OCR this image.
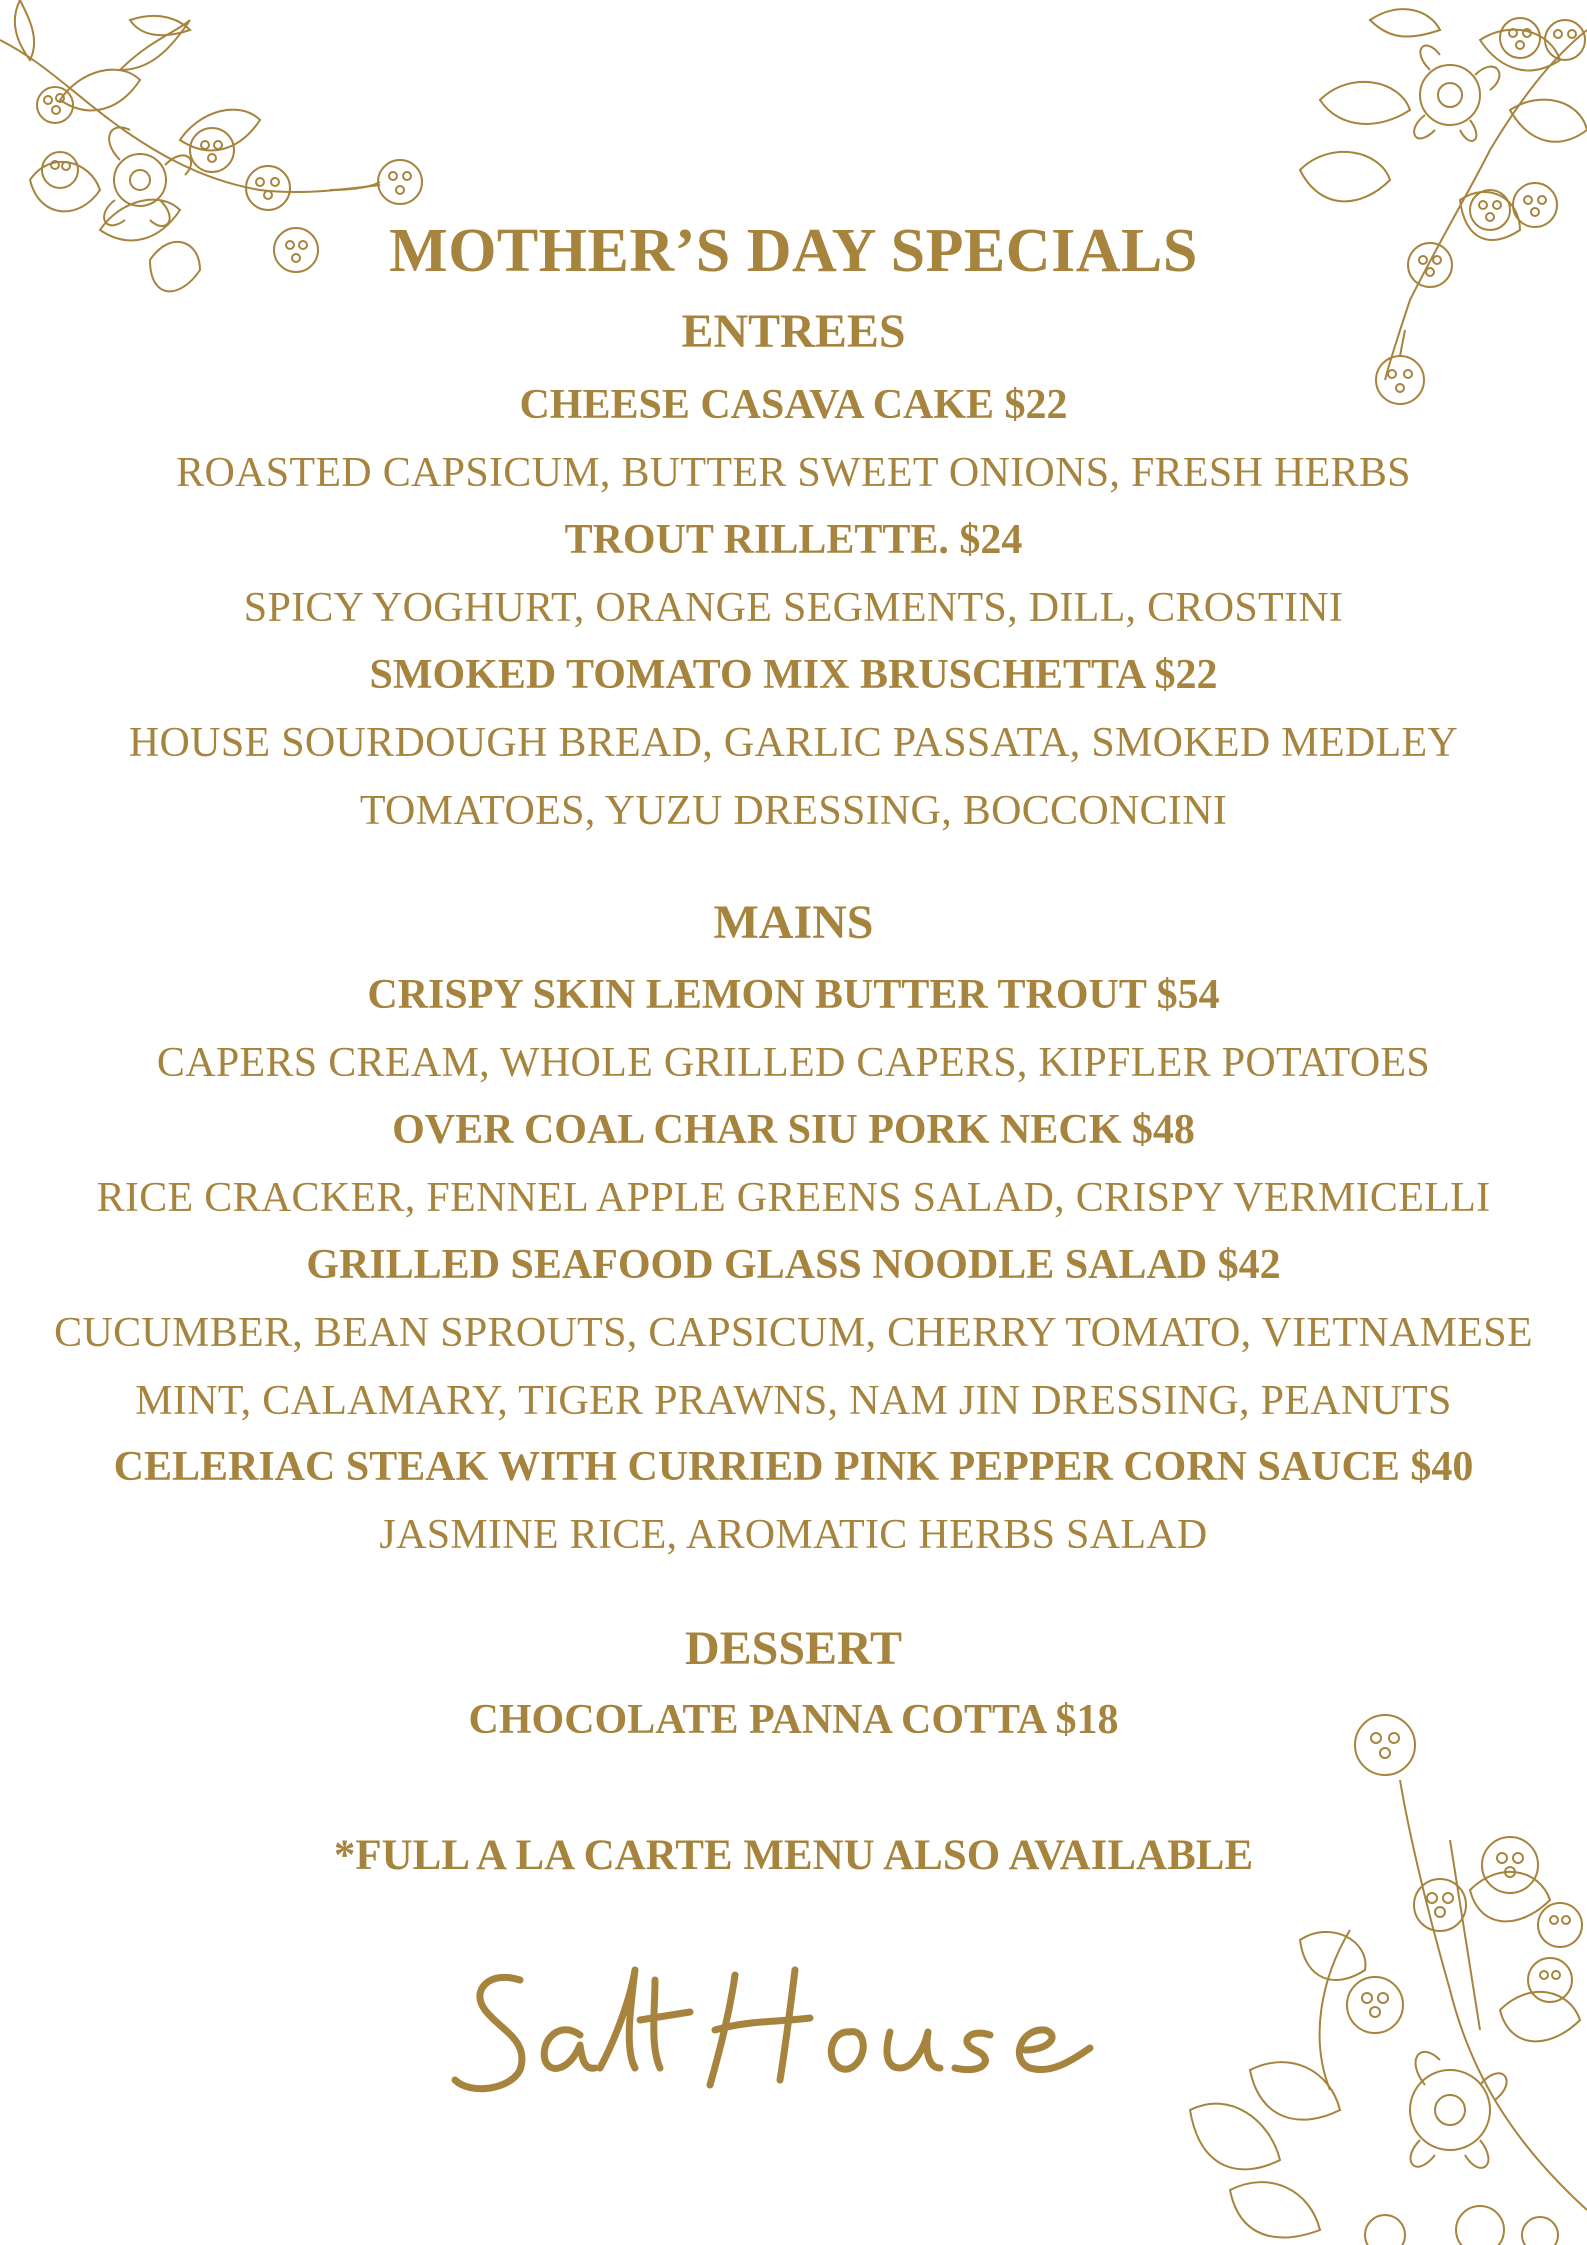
MOTHER’S DAY SPECIALS
ENTREES
CHEESE CASAVA CAKE $22
ROASTED CAPSICUM, BUTTER SWEET ONIONS, FRESH HERBS
TROUT RILLETTE. $24
SPICY YOGHURT, ORANGE SEGMENTS, DILL, CROSTINI
SMOKED TOMATO MIX BRUSCHETTA $22
HOUSE SOURDOUGH BREAD, GARLIC PASSATA, SMOKED MEDLEY
TOMATOES, YUZU DRESSING, BOCCONCINI
MAINS
CRISPY SKIN LEMON BUTTER TROUT $54
CAPERS CREAM, WHOLE GRILLED CAPERS, KIPFLER POTATOES
OVER COAL CHAR SIU PORK NECK $48
RICE CRACKER, FENNEL APPLE GREENS SALAD, CRISPY VERMICELLI
GRILLED SEAFOOD GLASS NOODLE SALAD $42
CUCUMBER, BEAN SPROUTS, CAPSICUM, CHERRY TOMATO, VIETNAMESE
MINT, CALAMARY, TIGER PRAWNS, NAM JIN DRESSING, PEANUTS
CELERIAC STEAK WITH CURRIED PINK PEPPER CORN SAUCE $40
JASMINE RICE, AROMATIC HERBS SALAD
DESSERT
CHOCOLATE PANNA COTTA $18
*FULL A LA CARTE MENU ALSO AVAILABLE
